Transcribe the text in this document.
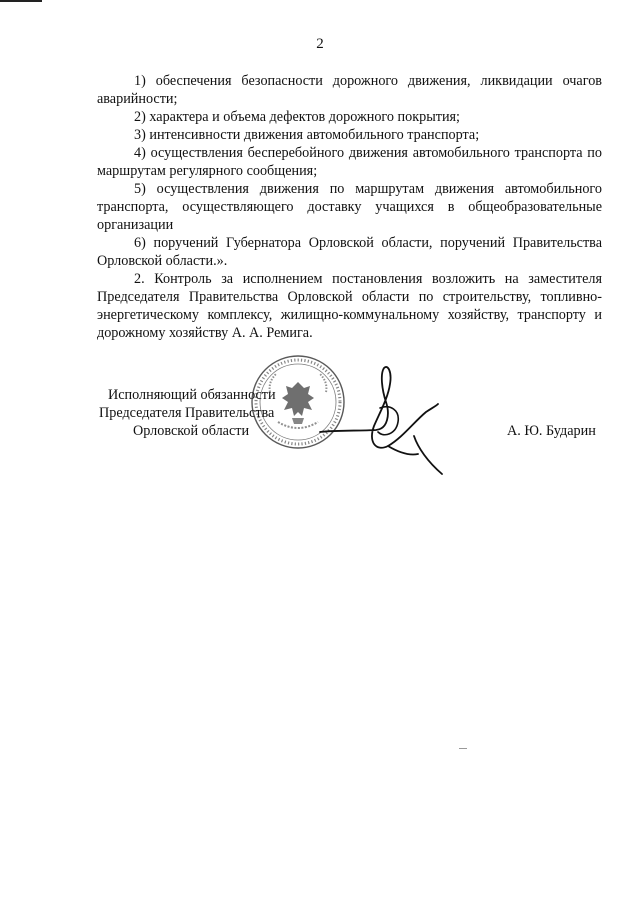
2

1) обеспечения безопасности дорожного движения, ликвидации очагов аварийности;

2) характера и объема дефектов дорожного покрытия;

3) интенсивности движения автомобильного транспорта;

4) осуществления бесперебойного движения автомобильного транспорта по маршрутам регулярного сообщения;

5) осуществления движения по маршрутам движения автомобильного транспорта, осуществляющего доставку учащихся в общеобразовательные организации

6) поручений Губернатора Орловской области, поручений Правительства Орловской области.».

2. Контроль за исполнением постановления возложить на заместителя Председателя Правительства Орловской области по строительству, топливно-энергетическому комплексу, жилищно-коммунальному хозяйству, транспорту и дорожному хозяйству А. А. Ремига.

Исполняющий обязанности
Председателя Правительства
Орловской области	А. Ю. Бударин
